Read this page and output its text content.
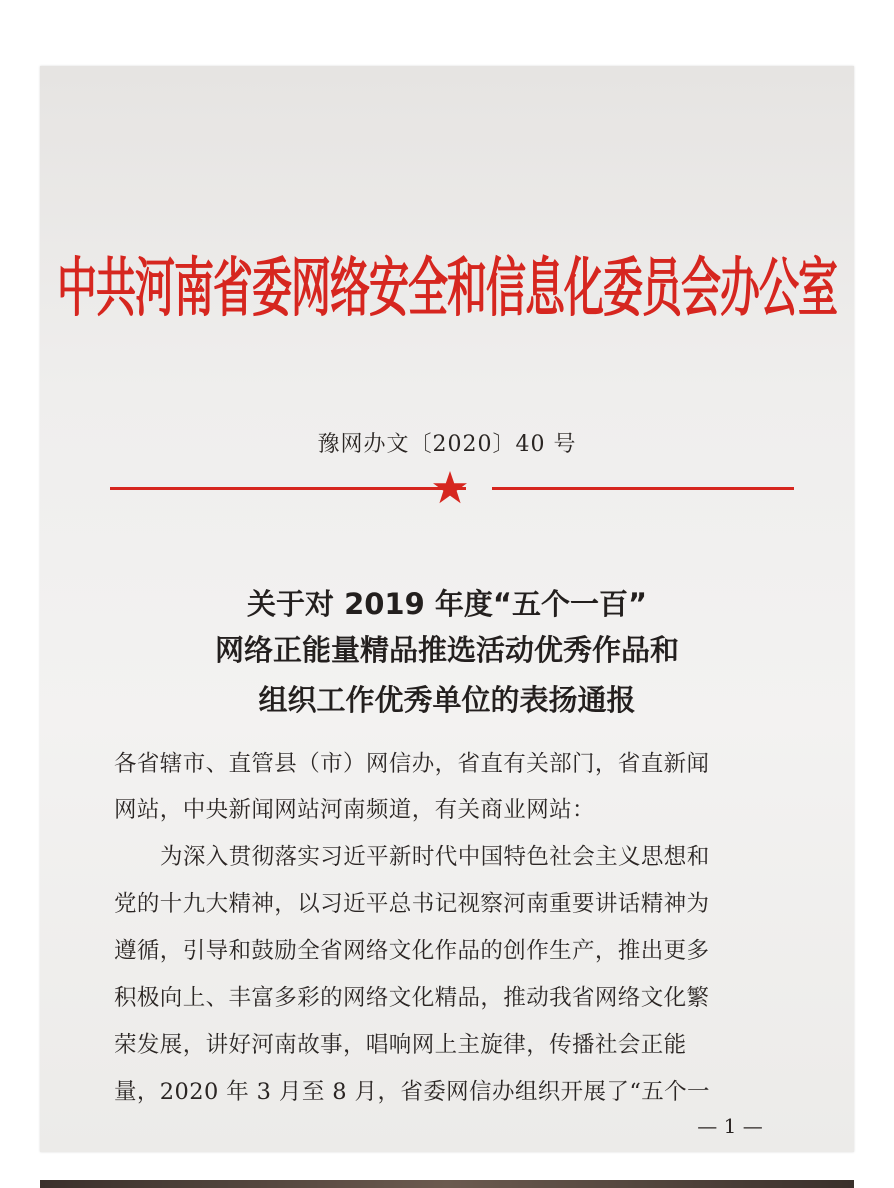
中共河南省委网络安全和信息化委员会办公室
豫网办文〔2020〕40 号
关于对 2019 年度“五个一百”
网络正能量精品推选活动优秀作品和
组织工作优秀单位的表扬通报
各省辖市、直管县（市）网信办，省直有关部门，省直新闻
网站，中央新闻网站河南频道，有关商业网站：
为深入贯彻落实习近平新时代中国特色社会主义思想和
党的十九大精神，以习近平总书记视察河南重要讲话精神为
遵循，引导和鼓励全省网络文化作品的创作生产，推出更多
积极向上、丰富多彩的网络文化精品，推动我省网络文化繁
荣发展，讲好河南故事，唱响网上主旋律，传播社会正能
量，2020 年 3 月至 8 月，省委网信办组织开展了“五个一
— 1 —
